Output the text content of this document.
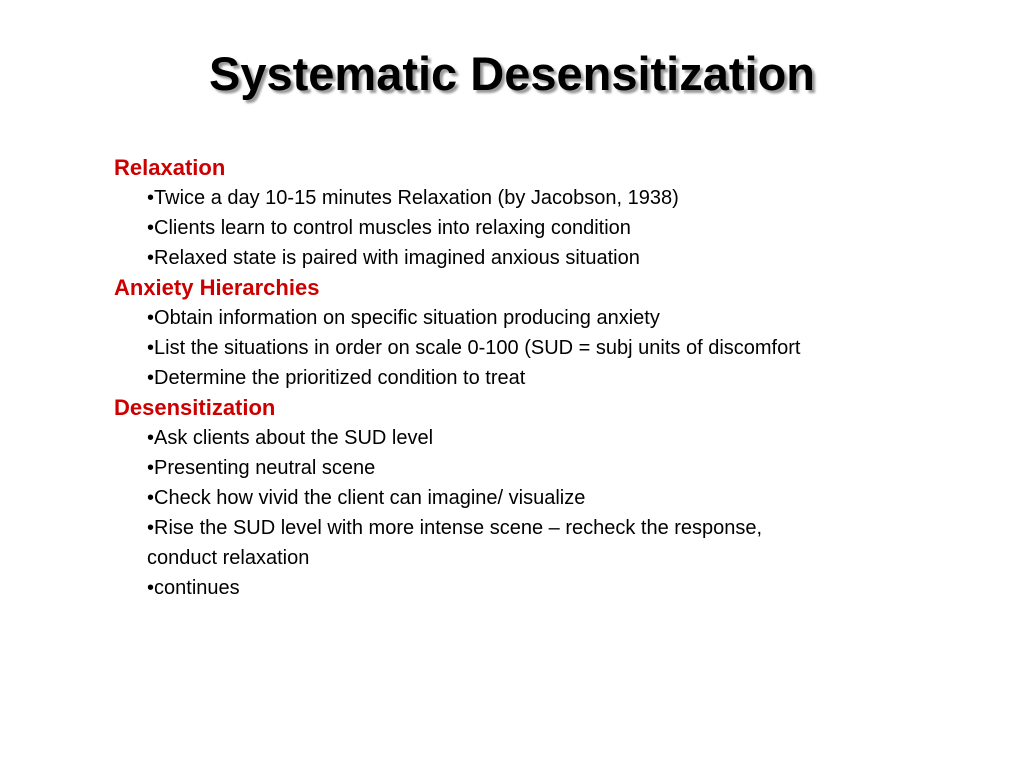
Systematic Desensitization

Relaxation

•Twice a day 10-15 minutes Relaxation (by Jacobson, 1938)
•Clients learn to control muscles into relaxing condition
•Relaxed state is paired with imagined anxious situation

Anxiety Hierarchies

•Obtain information on specific situation producing anxiety
•List the situations in order on scale 0-100 (SUD = subj units of discomfort
•Determine the prioritized condition to treat

Desensitization

•Ask clients about the SUD level
•Presenting neutral scene
•Check how vivid the client can imagine/ visualize
•Rise the SUD level with more intense scene – recheck the response,
conduct relaxation
•continues
